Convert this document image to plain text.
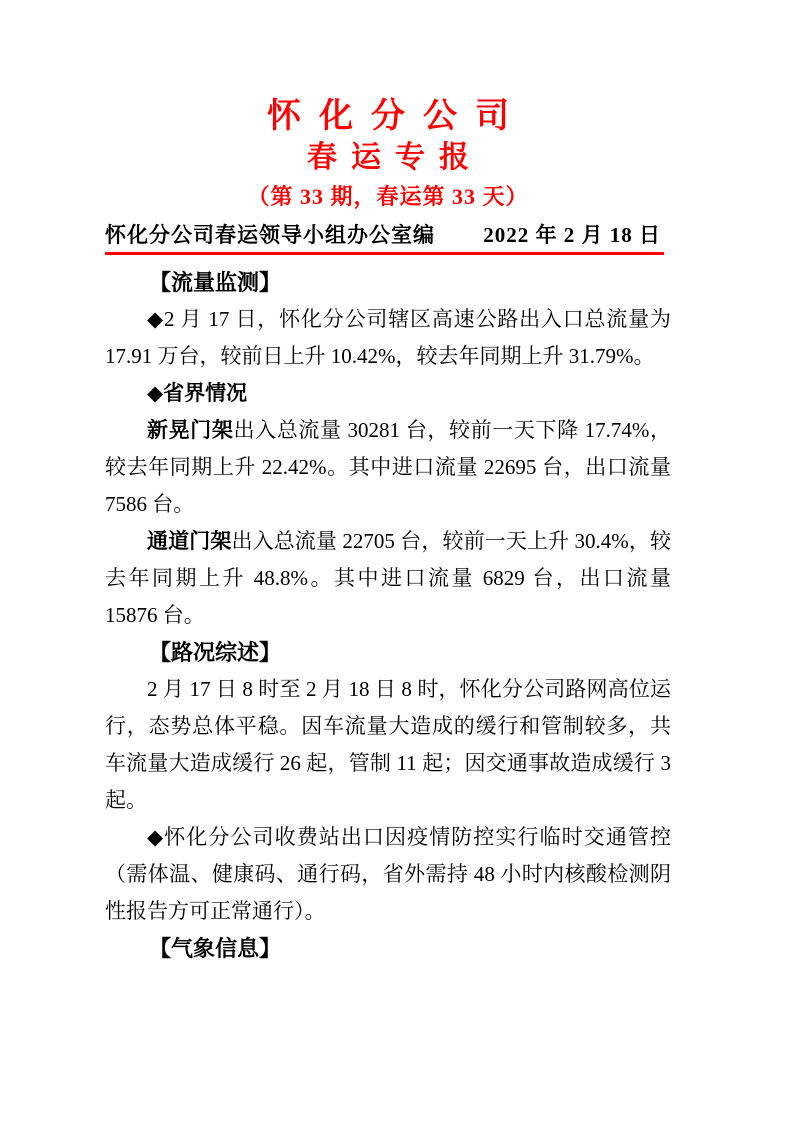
怀化分公司
春运专报
（第 33 期，春运第 33 天）
怀化分公司春运领导小组办公室编 2022 年 2 月 18 日

【流量监测】

◆2 月 17 日，怀化分公司辖区高速公路出入口总流量为 17.91 万台，较前日上升 10.42%，较去年同期上升 31.79%。

◆省界情况

新晃门架出入总流量 30281 台，较前一天下降 17.74%，较去年同期上升 22.42%。其中进口流量 22695 台，出口流量 7586 台。

通道门架出入总流量 22705 台，较前一天上升 30.4%，较去年同期上升 48.8%。其中进口流量 6829 台，出口流量 15876 台。

【路况综述】

2 月 17 日 8 时至 2 月 18 日 8 时，怀化分公司路网高位运行，态势总体平稳。因车流量大造成的缓行和管制较多，共车流量大造成缓行 26 起，管制 11 起；因交通事故造成缓行 3 起。

◆怀化分公司收费站出口因疫情防控实行临时交通管控（需体温、健康码、通行码，省外需持 48 小时内核酸检测阴性报告方可正常通行）。

【气象信息】
